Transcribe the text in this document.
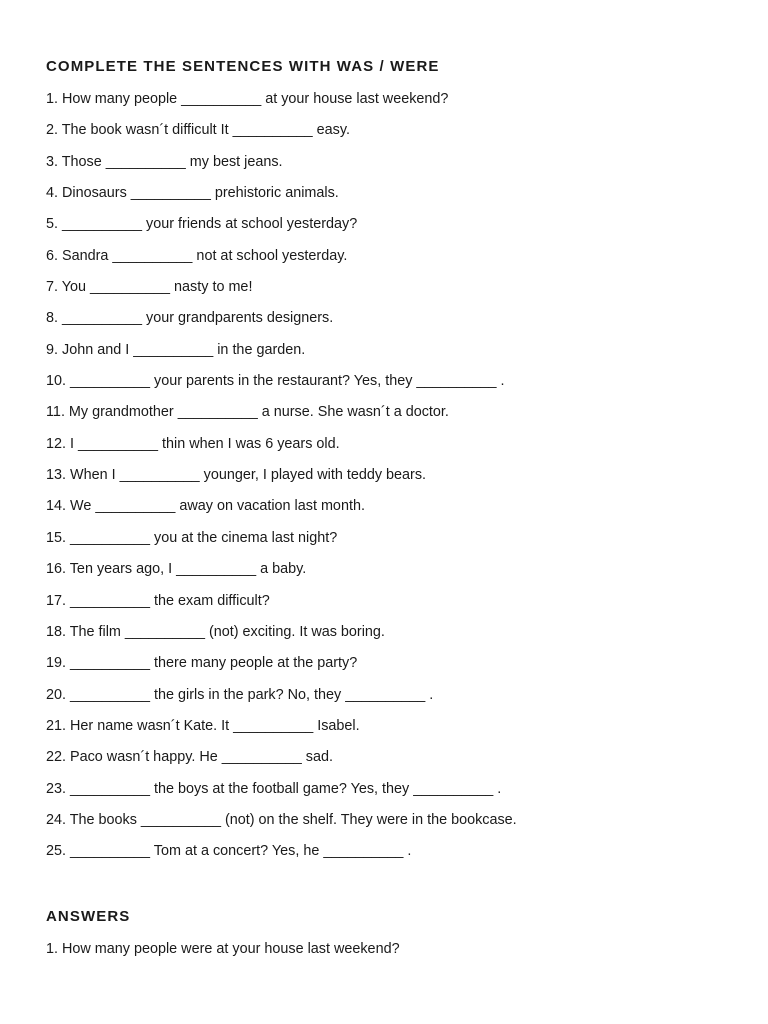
COMPLETE THE SENTENCES WITH WAS / WERE
1. How many people __________ at your house last weekend?
2. The book wasn´t difficult It __________ easy.
3. Those __________ my best jeans.
4. Dinosaurs __________ prehistoric animals.
5. __________ your friends at school yesterday?
6. Sandra __________ not at school yesterday.
7. You __________ nasty to me!
8. __________ your grandparents designers.
9. John and I __________ in the garden.
10. __________ your parents in the restaurant? Yes, they __________ .
11. My grandmother __________ a nurse. She wasn´t a doctor.
12. I __________ thin when I was 6 years old.
13. When I __________ younger, I played with teddy bears.
14. We __________ away on vacation last month.
15. __________ you at the cinema last night?
16. Ten years ago, I __________ a baby.
17. __________ the exam difficult?
18. The film __________ (not) exciting. It was boring.
19. __________ there many people at the party?
20. __________ the girls in the park? No, they __________ .
21. Her name wasn´t Kate. It __________ Isabel.
22. Paco wasn´t happy. He __________ sad.
23. __________ the boys at the football game? Yes, they __________ .
24. The books __________ (not) on the shelf. They were in the bookcase.
25. __________ Tom at a concert? Yes, he __________ .
ANSWERS
1. How many people were at your house last weekend?
